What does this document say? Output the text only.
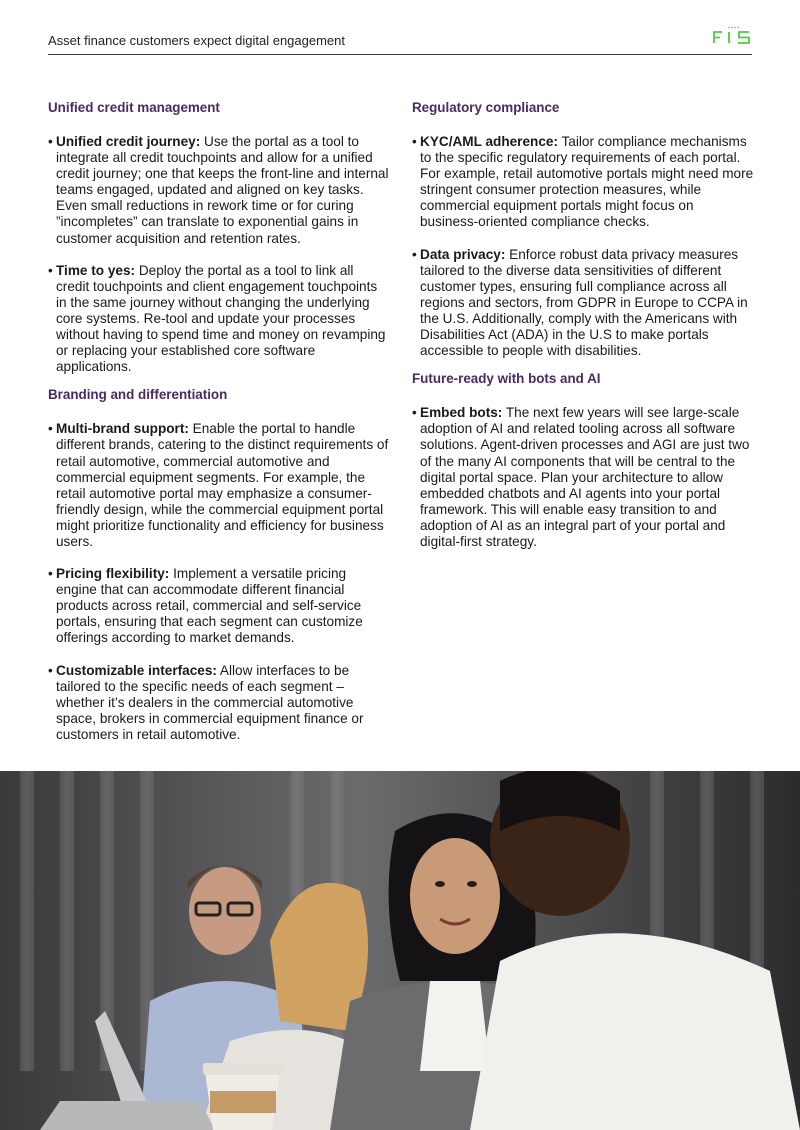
Asset finance customers expect digital engagement
Unified credit management
• Unified credit journey: Use the portal as a tool to integrate all credit touchpoints and allow for a unified credit journey; one that keeps the front-line and internal teams engaged, updated and aligned on key tasks. Even small reductions in rework time or for curing ”incompletes” can translate to exponential gains in customer acquisition and retention rates.
• Time to yes: Deploy the portal as a tool to link all credit touchpoints and client engagement touchpoints in the same journey without changing the underlying core systems. Re-tool and update your processes without having to spend time and money on revamping or replacing your established core software applications.
Branding and differentiation
• Multi-brand support: Enable the portal to handle different brands, catering to the distinct requirements of retail automotive, commercial automotive and commercial equipment segments. For example, the retail automotive portal may emphasize a consumer-friendly design, while the commercial equipment portal might prioritize functionality and efficiency for business users.
• Pricing flexibility: Implement a versatile pricing engine that can accommodate different financial products across retail, commercial and self-service portals, ensuring that each segment can customize offerings according to market demands.
• Customizable interfaces: Allow interfaces to be tailored to the specific needs of each segment – whether it’s dealers in the commercial automotive space, brokers in commercial equipment finance or customers in retail automotive.
Regulatory compliance
• KYC/AML adherence: Tailor compliance mechanisms to the specific regulatory requirements of each portal. For example, retail automotive portals might need more stringent consumer protection measures, while commercial equipment portals might focus on business-oriented compliance checks.
• Data privacy: Enforce robust data privacy measures tailored to the diverse data sensitivities of different customer types, ensuring full compliance across all regions and sectors, from GDPR in Europe to CCPA in the U.S. Additionally, comply with the Americans with Disabilities Act (ADA) in the U.S to make portals accessible to people with disabilities.
Future-ready with bots and AI
• Embed bots: The next few years will see large-scale adoption of AI and related tooling across all software solutions. Agent-driven processes and AGI are just two of the many AI components that will be central to the digital portal space. Plan your architecture to allow embedded chatbots and AI agents into your portal framework. This will enable easy transition to and adoption of AI as an integral part of your portal and digital-first strategy.
